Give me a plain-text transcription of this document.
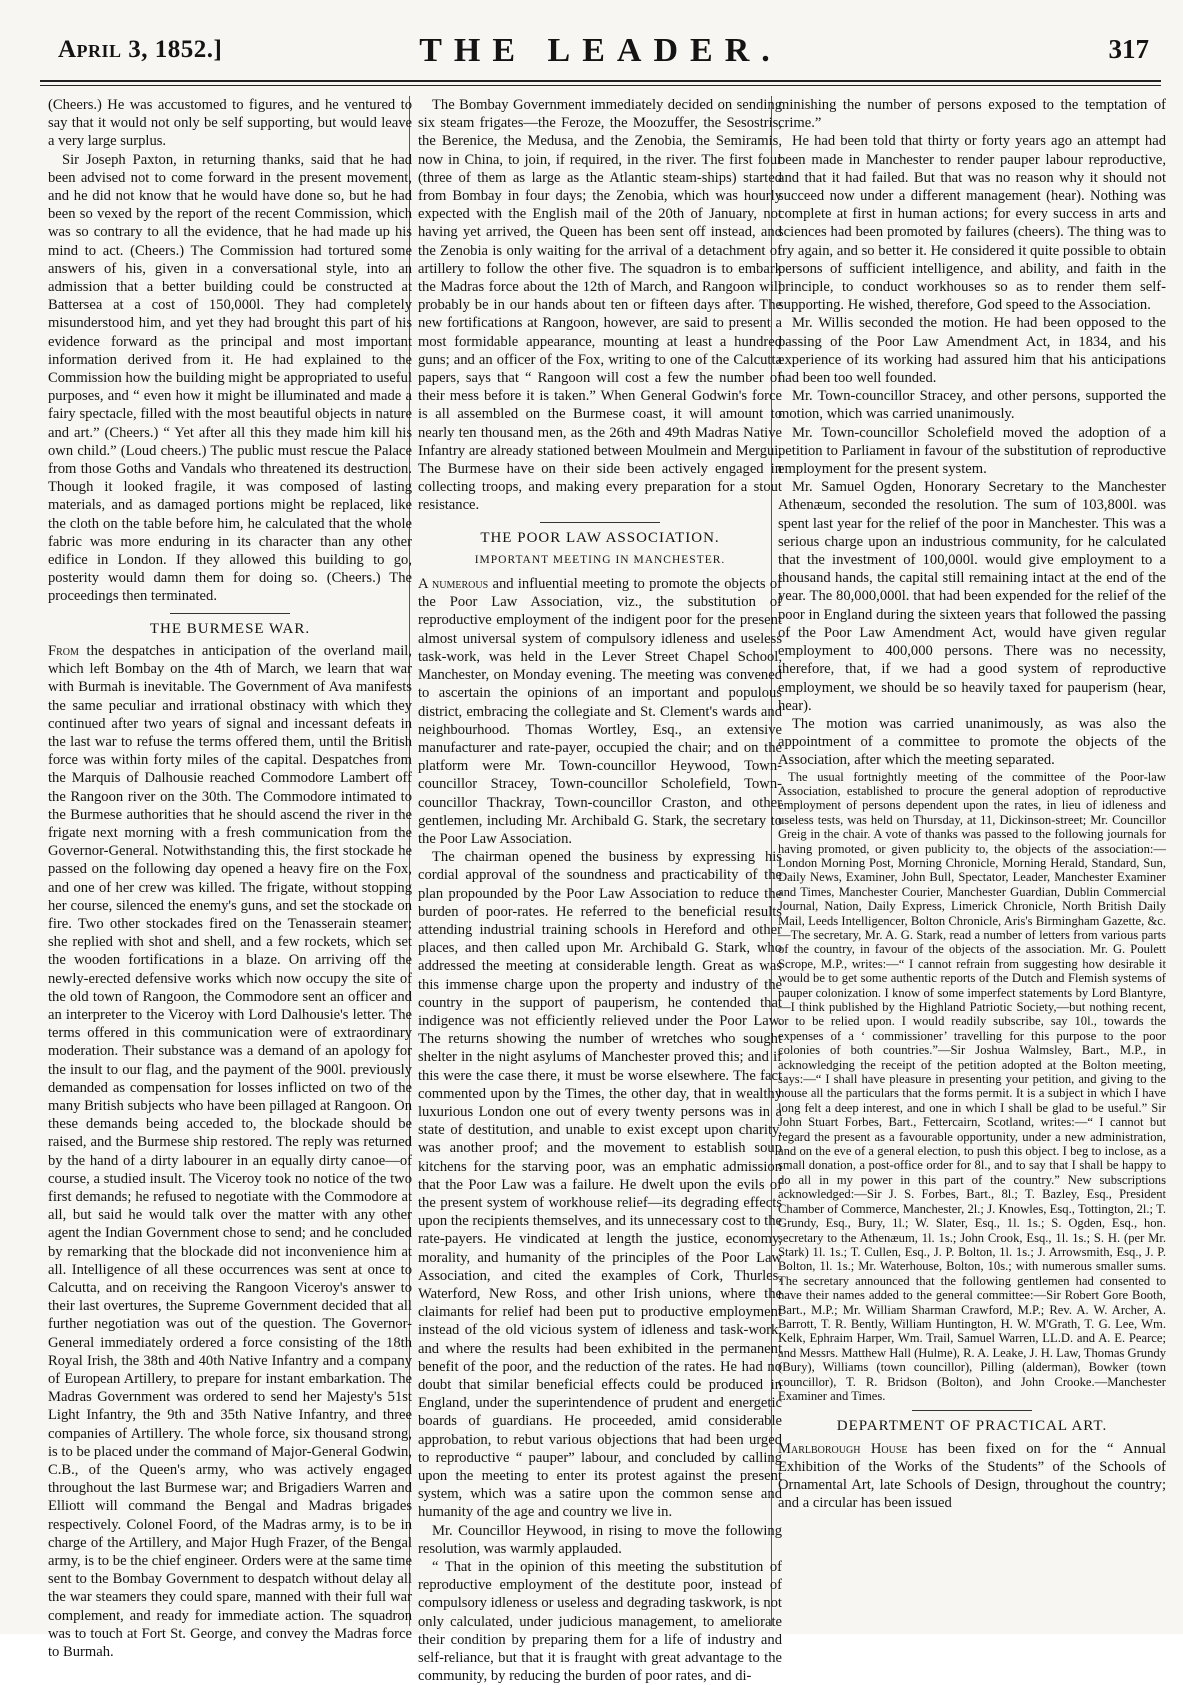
April 3, 1852.]	THE LEADER.	317

(Cheers.) He was accustomed to figures, and he ventured to say that it would not only be self supporting, but would leave a very large surplus.

Sir Joseph Paxton, in returning thanks, said that he had been advised not to come forward in the present movement, and he did not know that he would have done so, but he had been so vexed by the report of the recent Commission, which was so contrary to all the evidence, that he had made up his mind to act. (Cheers.) The Commission had tortured some answers of his, given in a conversational style, into an admission that a better building could be constructed at Battersea at a cost of 150,000l. They had completely misunderstood him, and yet they had brought this part of his evidence forward as the principal and most important information derived from it. He had explained to the Commission how the building might be appropriated to useful purposes, and “ even how it might be illuminated and made a fairy spectacle, filled with the most beautiful objects in nature and art.” (Cheers.) “ Yet after all this they made him kill his own child.” (Loud cheers.) The public must rescue the Palace from those Goths and Vandals who threatened its destruction. Though it looked fragile, it was composed of lasting materials, and as damaged portions might be replaced, like the cloth on the table before him, he calculated that the whole fabric was more enduring in its character than any other edifice in London. If they allowed this building to go, posterity would damn them for doing so. (Cheers.) The proceedings then terminated.

THE BURMESE WAR.

From the despatches in anticipation of the overland mail, which left Bombay on the 4th of March, we learn that war with Burmah is inevitable. The Government of Ava manifests the same peculiar and irrational obstinacy with which they continued after two years of signal and incessant defeats in the last war to refuse the terms offered them, until the British force was within forty miles of the capital. Despatches from the Marquis of Dalhousie reached Commodore Lambert off the Rangoon river on the 30th. The Commodore intimated to the Burmese authorities that he should ascend the river in the frigate next morning with a fresh communication from the Governor-General. Notwithstanding this, the first stockade he passed on the following day opened a heavy fire on the Fox, and one of her crew was killed. The frigate, without stopping her course, silenced the enemy's guns, and set the stockade on fire. Two other stockades fired on the Tenasserain steamer; she replied with shot and shell, and a few rockets, which set the wooden fortifications in a blaze. On arriving off the newly-erected defensive works which now occupy the site of the old town of Rangoon, the Commodore sent an officer and an interpreter to the Viceroy with Lord Dalhousie's letter. The terms offered in this communication were of extraordinary moderation. Their substance was a demand of an apology for the insult to our flag, and the payment of the 900l. previously demanded as compensation for losses inflicted on two of the many British subjects who have been pillaged at Rangoon. On these demands being acceded to, the blockade should be raised, and the Burmese ship restored. The reply was returned by the hand of a dirty labourer in an equally dirty canoe—of course, a studied insult. The Viceroy took no notice of the two first demands; he refused to negotiate with the Commodore at all, but said he would talk over the matter with any other agent the Indian Government chose to send; and he concluded by remarking that the blockade did not inconvenience him at all. Intelligence of all these occurrences was sent at once to Calcutta, and on receiving the Rangoon Viceroy's answer to their last overtures, the Supreme Government decided that all further negotiation was out of the question. The Governor-General immediately ordered a force consisting of the 18th Royal Irish, the 38th and 40th Native Infantry and a company of European Artillery, to prepare for instant embarkation. The Madras Government was ordered to send her Majesty's 51st Light Infantry, the 9th and 35th Native Infantry, and three companies of Artillery. The whole force, six thousand strong, is to be placed under the command of Major-General Godwin, C.B., of the Queen's army, who was actively engaged throughout the last Burmese war; and Brigadiers Warren and Elliott will command the Bengal and Madras brigades respectively. Colonel Foord, of the Madras army, is to be in charge of the Artillery, and Major Hugh Frazer, of the Bengal army, is to be the chief engineer. Orders were at the same time sent to the Bombay Government to despatch without delay all the war steamers they could spare, manned with their full war complement, and ready for immediate action. The squadron was to touch at Fort St. George, and convey the Madras force to Burmah.

The Bombay Government immediately decided on sending six steam frigates—the Feroze, the Moozuffer, the Sesostris, the Berenice, the Medusa, and the Zenobia, the Semiramis, now in China, to join, if required, in the river. The first four (three of them as large as the Atlantic steam-ships) started from Bombay in four days; the Zenobia, which was hourly expected with the English mail of the 20th of January, not having yet arrived, the Queen has been sent off instead, and the Zenobia is only waiting for the arrival of a detachment of artillery to follow the other five. The squadron is to embark the Madras force about the 12th of March, and Rangoon will probably be in our hands about ten or fifteen days after. The new fortifications at Rangoon, however, are said to present a most formidable appearance, mounting at least a hundred guns; and an officer of the Fox, writing to one of the Calcutta papers, says that “ Rangoon will cost a few the number of their mess before it is taken.” When General Godwin's force is all assembled on the Burmese coast, it will amount to nearly ten thousand men, as the 26th and 49th Madras Native Infantry are already stationed between Moulmein and Mergui. The Burmese have on their side been actively engaged in collecting troops, and making every preparation for a stout resistance.

THE POOR LAW ASSOCIATION.
IMPORTANT MEETING IN MANCHESTER.

A numerous and influential meeting to promote the objects of the Poor Law Association, viz., the substitution of reproductive employment of the indigent poor for the present almost universal system of compulsory idleness and useless task-work, was held in the Lever Street Chapel School, Manchester, on Monday evening. The meeting was convened to ascertain the opinions of an important and populous district, embracing the collegiate and St. Clement's wards and neighbourhood. Thomas Wortley, Esq., an extensive manufacturer and rate-payer, occupied the chair; and on the platform were Mr. Town-councillor Heywood, Town-councillor Stracey, Town-councillor Scholefield, Town-councillor Thackray, Town-councillor Craston, and other gentlemen, including Mr. Archibald G. Stark, the secretary to the Poor Law Association.

The chairman opened the business by expressing his cordial approval of the soundness and practicability of the plan propounded by the Poor Law Association to reduce the burden of poor-rates. He referred to the beneficial results attending industrial training schools in Hereford and other places, and then called upon Mr. Archibald G. Stark, who addressed the meeting at considerable length. Great as was this immense charge upon the property and industry of the country in the support of pauperism, he contended that indigence was not efficiently relieved under the Poor Law. The returns showing the number of wretches who sought shelter in the night asylums of Manchester proved this; and if this were the case there, it must be worse elsewhere. The fact commented upon by the Times, the other day, that in wealthy luxurious London one out of every twenty persons was in a state of destitution, and unable to exist except upon charity, was another proof; and the movement to establish soup kitchens for the starving poor, was an emphatic admission that the Poor Law was a failure. He dwelt upon the evils of the present system of workhouse relief—its degrading effects upon the recipients themselves, and its unnecessary cost to the rate-payers. He vindicated at length the justice, economy, morality, and humanity of the principles of the Poor Law Association, and cited the examples of Cork, Thurles, Waterford, New Ross, and other Irish unions, where the claimants for relief had been put to productive employment instead of the old vicious system of idleness and task-work, and where the results had been exhibited in the permanent benefit of the poor, and the reduction of the rates. He had no doubt that similar beneficial effects could be produced in England, under the superintendence of prudent and energetic boards of guardians. He proceeded, amid considerable approbation, to rebut various objections that had been urged to reproductive “ pauper” labour, and concluded by calling upon the meeting to enter its protest against the present system, which was a satire upon the common sense and humanity of the age and country we live in.

Mr. Councillor Heywood, in rising to move the following resolution, was warmly applauded.

“ That in the opinion of this meeting the substitution of reproductive employment of the destitute poor, instead of compulsory idleness or useless and degrading taskwork, is not only calculated, under judicious management, to ameliorate their condition by preparing them for a life of industry and self-reliance, but that it is fraught with great advantage to the community, by reducing the burden of poor rates, and di-

minishing the number of persons exposed to the temptation of crime.”

He had been told that thirty or forty years ago an attempt had been made in Manchester to render pauper labour reproductive, and that it had failed. But that was no reason why it should not succeed now under a different management (hear). Nothing was complete at first in human actions; for every success in arts and sciences had been promoted by failures (cheers). The thing was to try again, and so better it. He considered it quite possible to obtain persons of sufficient intelligence, and ability, and faith in the principle, to conduct workhouses so as to render them self-supporting. He wished, therefore, God speed to the Association.

Mr. Willis seconded the motion. He had been opposed to the passing of the Poor Law Amendment Act, in 1834, and his experience of its working had assured him that his anticipations had been too well founded.

Mr. Town-councillor Stracey, and other persons, supported the motion, which was carried unanimously.

Mr. Town-councillor Scholefield moved the adoption of a petition to Parliament in favour of the substitution of reproductive employment for the present system.

Mr. Samuel Ogden, Honorary Secretary to the Manchester Athenæum, seconded the resolution. The sum of 103,800l. was spent last year for the relief of the poor in Manchester. This was a serious charge upon an industrious community, for he calculated that the investment of 100,000l. would give employment to a thousand hands, the capital still remaining intact at the end of the year. The 80,000,000l. that had been expended for the relief of the poor in England during the sixteen years that followed the passing of the Poor Law Amendment Act, would have given regular employment to 400,000 persons. There was no necessity, therefore, that, if we had a good system of reproductive employment, we should be so heavily taxed for pauperism (hear, hear).

The motion was carried unanimously, as was also the appointment of a committee to promote the objects of the Association, after which the meeting separated.

The usual fortnightly meeting of the committee of the Poor-law Association, established to procure the general adoption of reproductive employment of persons dependent upon the rates, in lieu of idleness and useless tests, was held on Thursday, at 11, Dickinson-street; Mr. Councillor Greig in the chair. A vote of thanks was passed to the following journals for having promoted, or given publicity to, the objects of the association:—London Morning Post, Morning Chronicle, Morning Herald, Standard, Sun, Daily News, Examiner, John Bull, Spectator, Leader, Manchester Examiner and Times, Manchester Courier, Manchester Guardian, Dublin Commercial Journal, Nation, Daily Express, Limerick Chronicle, North British Daily Mail, Leeds Intelligencer, Bolton Chronicle, Aris's Birmingham Gazette, &c.—The secretary, Mr. A. G. Stark, read a number of letters from various parts of the country, in favour of the objects of the association. Mr. G. Poulett Scrope, M.P., writes:—“ I cannot refrain from suggesting how desirable it would be to get some authentic reports of the Dutch and Flemish systems of pauper colonization. I know of some imperfect statements by Lord Blantyre,—I think published by the Highland Patriotic Society,—but nothing recent, or to be relied upon. I would readily subscribe, say 10l., towards the expenses of a ‘ commissioner’ travelling for this purpose to the poor colonies of both countries.”—Sir Joshua Walmsley, Bart., M.P., in acknowledging the receipt of the petition adopted at the Bolton meeting, says:—“ I shall have pleasure in presenting your petition, and giving to the house all the particulars that the forms permit. It is a subject in which I have long felt a deep interest, and one in which I shall be glad to be useful.” Sir John Stuart Forbes, Bart., Fettercairn, Scotland, writes:—“ I cannot but regard the present as a favourable opportunity, under a new administration, and on the eve of a general election, to push this object. I beg to inclose, as a small donation, a post-office order for 8l., and to say that I shall be happy to do all in my power in this part of the country.” New subscriptions acknowledged:—Sir J. S. Forbes, Bart., 8l.; T. Bazley, Esq., President Chamber of Commerce, Manchester, 2l.; J. Knowles, Esq., Tottington, 2l.; T. Grundy, Esq., Bury, 1l.; W. Slater, Esq., 1l. 1s.; S. Ogden, Esq., hon. secretary to the Athenæum, 1l. 1s.; John Crook, Esq., 1l. 1s.; S. H. (per Mr. Stark) 1l. 1s.; T. Cullen, Esq., J. P. Bolton, 1l. 1s.; J. Arrowsmith, Esq., J. P. Bolton, 1l. 1s.; Mr. Waterhouse, Bolton, 10s.; with numerous smaller sums. The secretary announced that the following gentlemen had consented to have their names added to the general committee:—Sir Robert Gore Booth, Bart., M.P.; Mr. William Sharman Crawford, M.P.; Rev. A. W. Archer, A. Barrott, T. R. Bently, William Huntington, H. W. M'Grath, T. G. Lee, Wm. Kelk, Ephraim Harper, Wm. Trail, Samuel Warren, LL.D. and A. E. Pearce; and Messrs. Matthew Hall (Hulme), R. A. Leake, J. H. Law, Thomas Grundy (Bury), Williams (town councillor), Pilling (alderman), Bowker (town councillor), T. R. Bridson (Bolton), and John Crooke.—Manchester Examiner and Times.

DEPARTMENT OF PRACTICAL ART.

Marlborough House has been fixed on for the “ Annual Exhibition of the Works of the Students” of the Schools of Ornamental Art, late Schools of Design, throughout the country; and a circular has been issued
